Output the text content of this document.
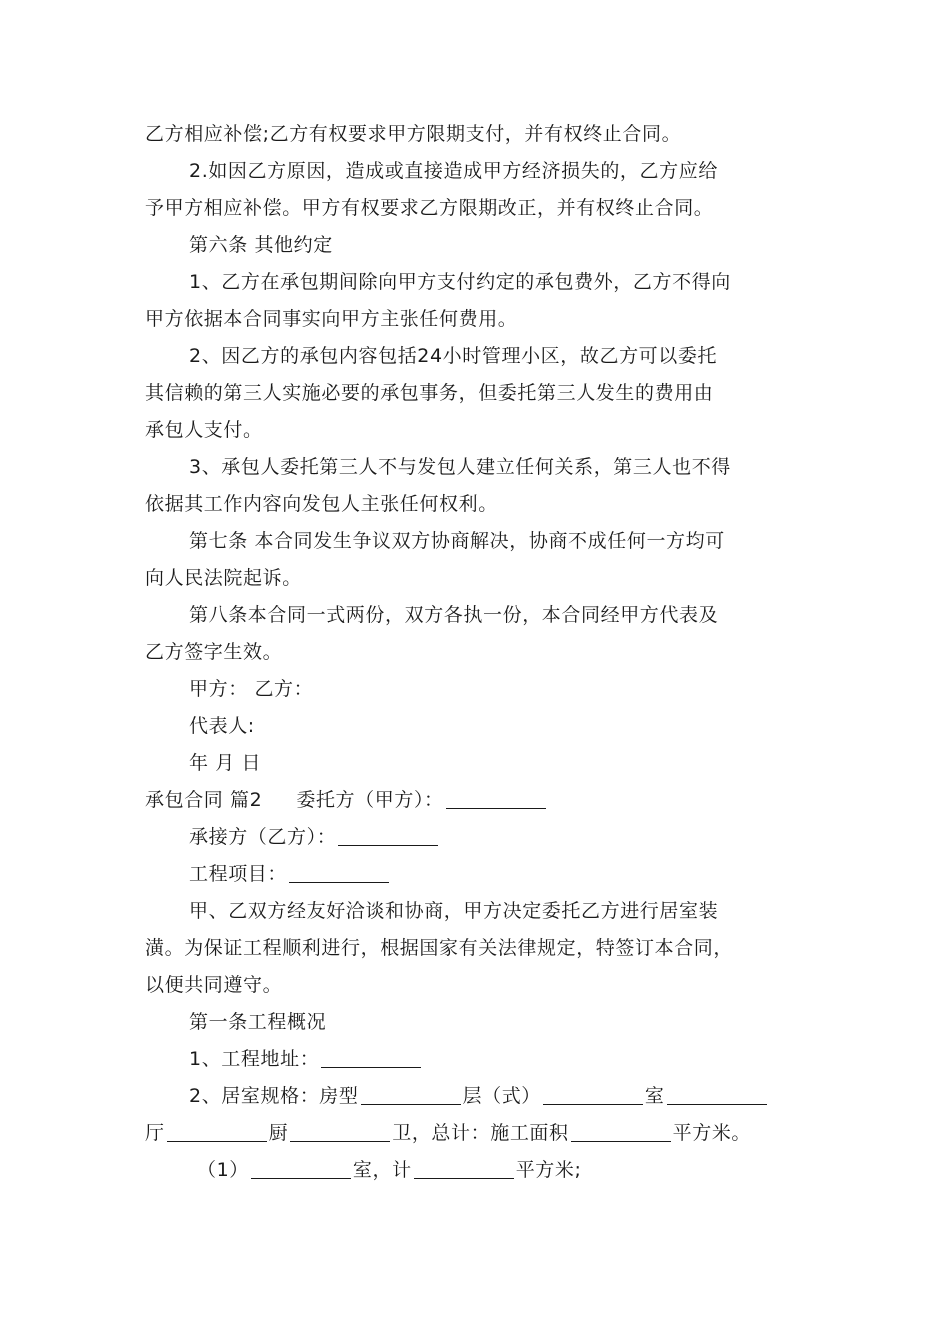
乙方相应补偿;乙方有权要求甲方限期支付，并有权终止合同。
2.如因乙方原因，造成或直接造成甲方经济损失的，乙方应给
予甲方相应补偿。甲方有权要求乙方限期改正，并有权终止合同。
第六条 其他约定
1、乙方在承包期间除向甲方支付约定的承包费外，乙方不得向
甲方依据本合同事实向甲方主张任何费用。
2、因乙方的承包内容包括24小时管理小区，故乙方可以委托
其信赖的第三人实施必要的承包事务，但委托第三人发生的费用由
承包人支付。
3、承包人委托第三人不与发包人建立任何关系，第三人也不得
依据其工作内容向发包人主张任何权利。
第七条 本合同发生争议双方协商解决，协商不成任何一方均可
向人民法院起诉。
第八条本合同一式两份，双方各执一份，本合同经甲方代表及
乙方签字生效。
甲方： 乙方：
代表人:
年 月 日
承包合同 篇2 委托方（甲方）：
承接方（乙方）：
工程项目：
甲、乙双方经友好洽谈和协商，甲方决定委托乙方进行居室装
潢。为保证工程顺利进行，根据国家有关法律规定，特签订本合同，
以便共同遵守。
第一条工程概况
1、工程地址：
2、居室规格：房型	层（式）	室
厅	厨	卫，总计：施工面积	平方米。
（1）	室，计	平方米;
